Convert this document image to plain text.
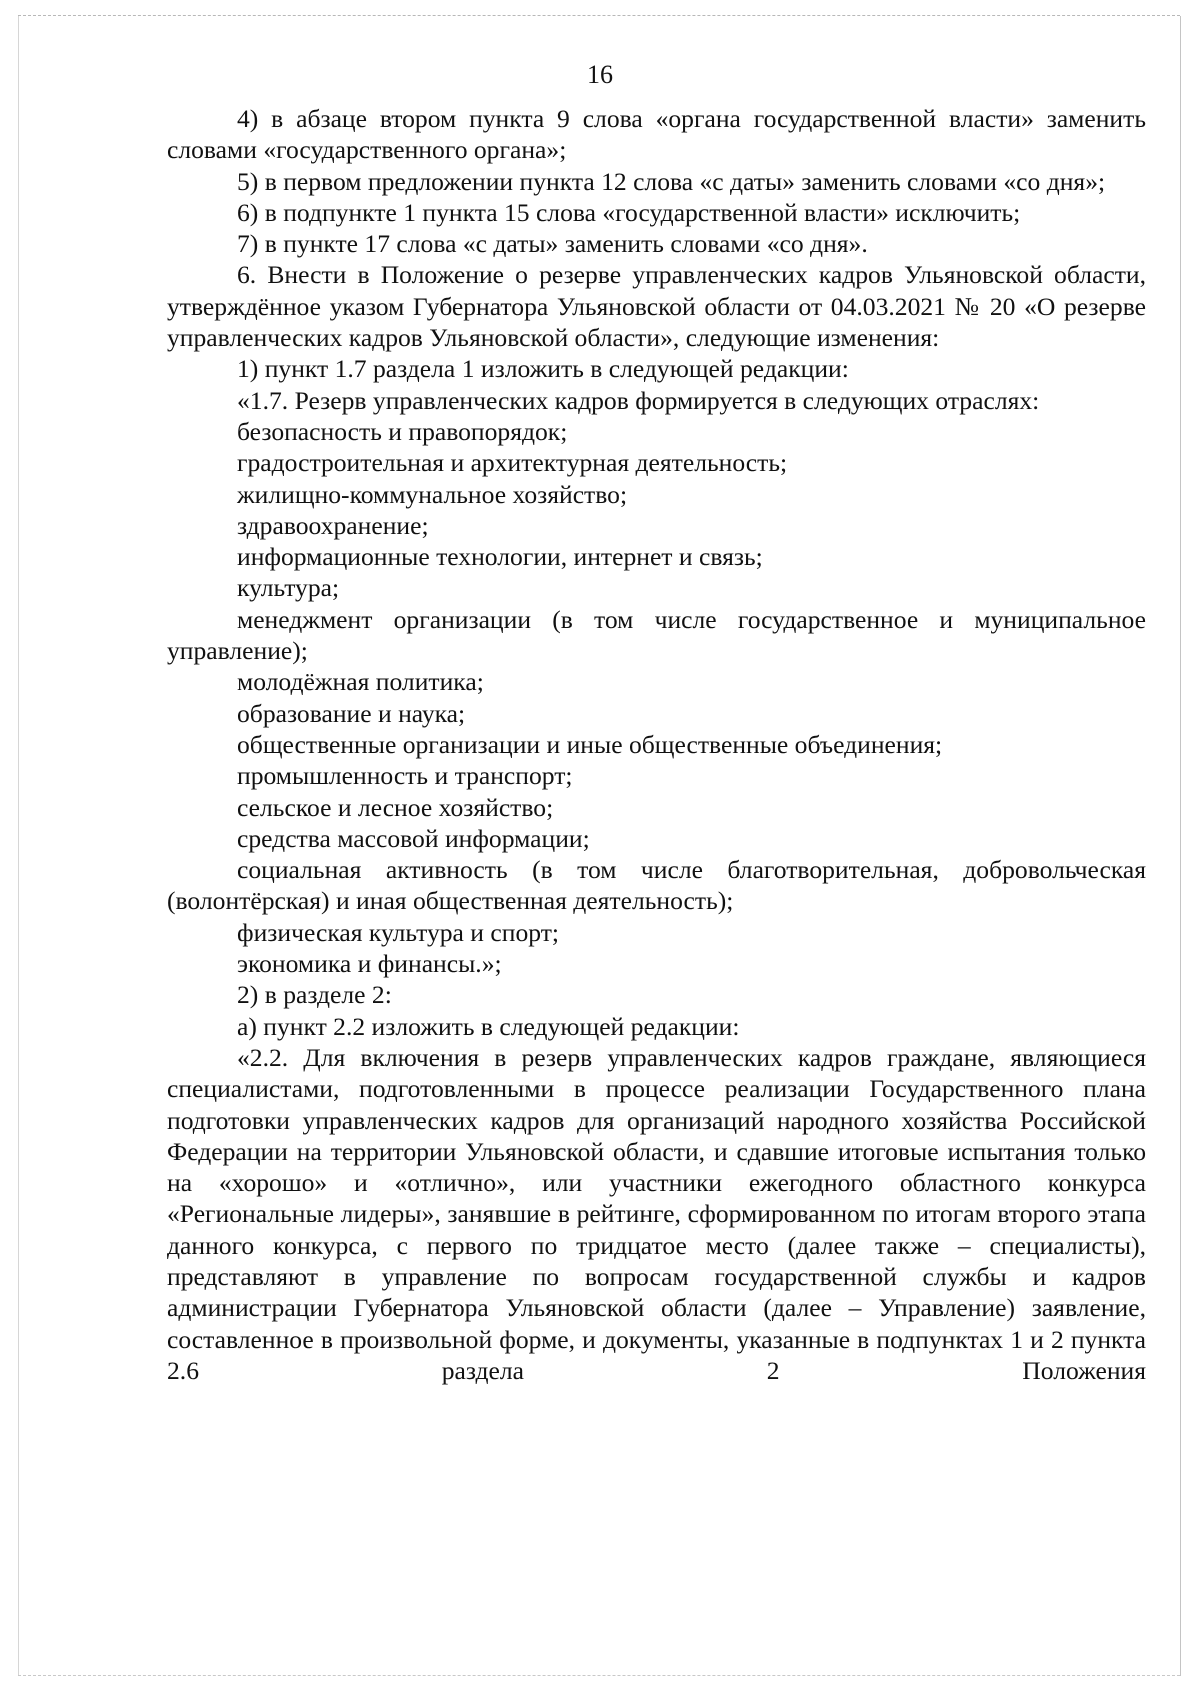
16

4) в абзаце втором пункта 9 слова «органа государственной власти» заменить словами «государственного органа»;

5) в первом предложении пункта 12 слова «с даты» заменить словами «со дня»;

6) в подпункте 1 пункта 15 слова «государственной власти» исключить;

7) в пункте 17 слова «с даты» заменить словами «со дня».

6. Внести в Положение о резерве управленческих кадров Ульяновской области, утверждённое указом Губернатора Ульяновской области от 04.03.2021 № 20 «О резерве управленческих кадров Ульяновской области», следующие изменения:

1) пункт 1.7 раздела 1 изложить в следующей редакции:

«1.7. Резерв управленческих кадров формируется в следующих отраслях:

безопасность и правопорядок;

градостроительная и архитектурная деятельность;

жилищно-коммунальное хозяйство;

здравоохранение;

информационные технологии, интернет и связь;

культура;

менеджмент организации (в том числе государственное и муниципальное управление);

молодёжная политика;

образование и наука;

общественные организации и иные общественные объединения;

промышленность и транспорт;

сельское и лесное хозяйство;

средства массовой информации;

социальная активность (в том числе благотворительная, добровольческая (волонтёрская) и иная общественная деятельность);

физическая культура и спорт;

экономика и финансы.»;

2) в разделе 2:

а) пункт 2.2 изложить в следующей редакции:

«2.2. Для включения в резерв управленческих кадров граждане, являющиеся специалистами, подготовленными в процессе реализации Государственного плана подготовки управленческих кадров для организаций народного хозяйства Российской Федерации на территории Ульяновской области, и сдавшие итоговые испытания только на «хорошо» и «отлично», или участники ежегодного областного конкурса «Региональные лидеры», занявшие в рейтинге, сформированном по итогам второго этапа данного конкурса, с первого по тридцатое место (далее также – специалисты), представляют в управление по вопросам государственной службы и кадров администрации Губернатора Ульяновской области (далее – Управление) заявление, составленное в произвольной форме, и документы, указанные в подпунктах 1 и 2 пункта 2.6 раздела 2 Положения
